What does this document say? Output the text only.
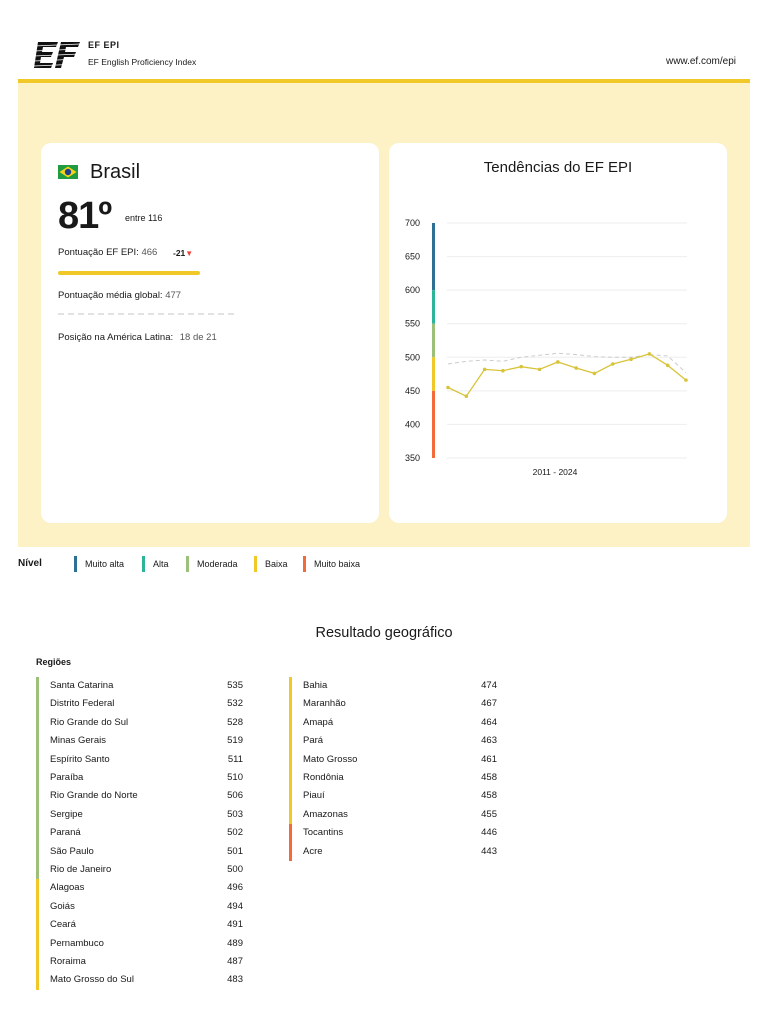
EF EPI
EF English Proficiency Index	www.ef.com/epi
Brasil
81º entre 116
Pontuação EF EPI: 466 -21▼
Pontuação média global: 477
Posição na América Latina: 18 de 21
Tendências do EF EPI
700
650
600
550
500
450
400
350
2011 - 2024
Nível	Muito alta	Alta	Moderada	Baixa	Muito baixa
Resultado geográfico
Regiões
Santa Catarina	535
Distrito Federal	532
Rio Grande do Sul	528
Minas Gerais	519
Espírito Santo	511
Paraíba	510
Rio Grande do Norte	506
Sergipe	503
Paraná	502
São Paulo	501
Rio de Janeiro	500
Alagoas	496
Goiás	494
Ceará	491
Pernambuco	489
Roraima	487
Mato Grosso do Sul	483
Bahia	474
Maranhão	467
Amapá	464
Pará	463
Mato Grosso	461
Rondônia	458
Piauí	458
Amazonas	455
Tocantins	446
Acre	443
